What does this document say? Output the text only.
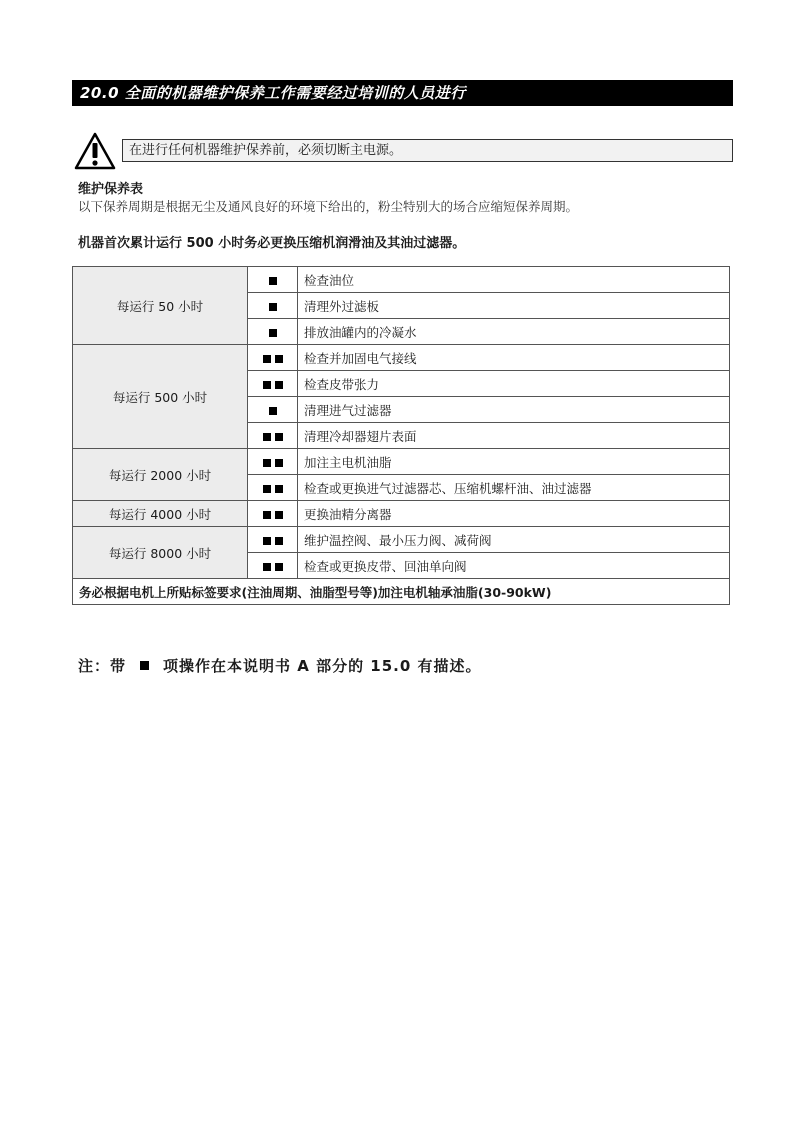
20.0 全面的机器维护保养工作需要经过培训的人员进行
在进行任何机器维护保养前，必须切断主电源。
维护保养表
以下保养周期是根据无尘及通风良好的环境下给出的，粉尘特别大的场合应缩短保养周期。
机器首次累计运行 500 小时务必更换压缩机润滑油及其油过滤器。
每运行 50 小时		检查油位
		清理外过滤板
		排放油罐内的冷凝水
每运行 500 小时		检查并加固电气接线
		检查皮带张力
		清理进气过滤器
		清理冷却器翅片表面
每运行 2000 小时		加注主电机油脂
		检查或更换进气过滤器芯、压缩机螺杆油、油过滤器
每运行 4000 小时		更换油精分离器
每运行 8000 小时		维护温控阀、最小压力阀、减荷阀
		检查或更换皮带、回油单向阀
务必根据电机上所贴标签要求(注油周期、油脂型号等)加注电机轴承油脂(30-90kW)		
注：带 项操作在本说明书 A 部分的 15.0 有描述。
